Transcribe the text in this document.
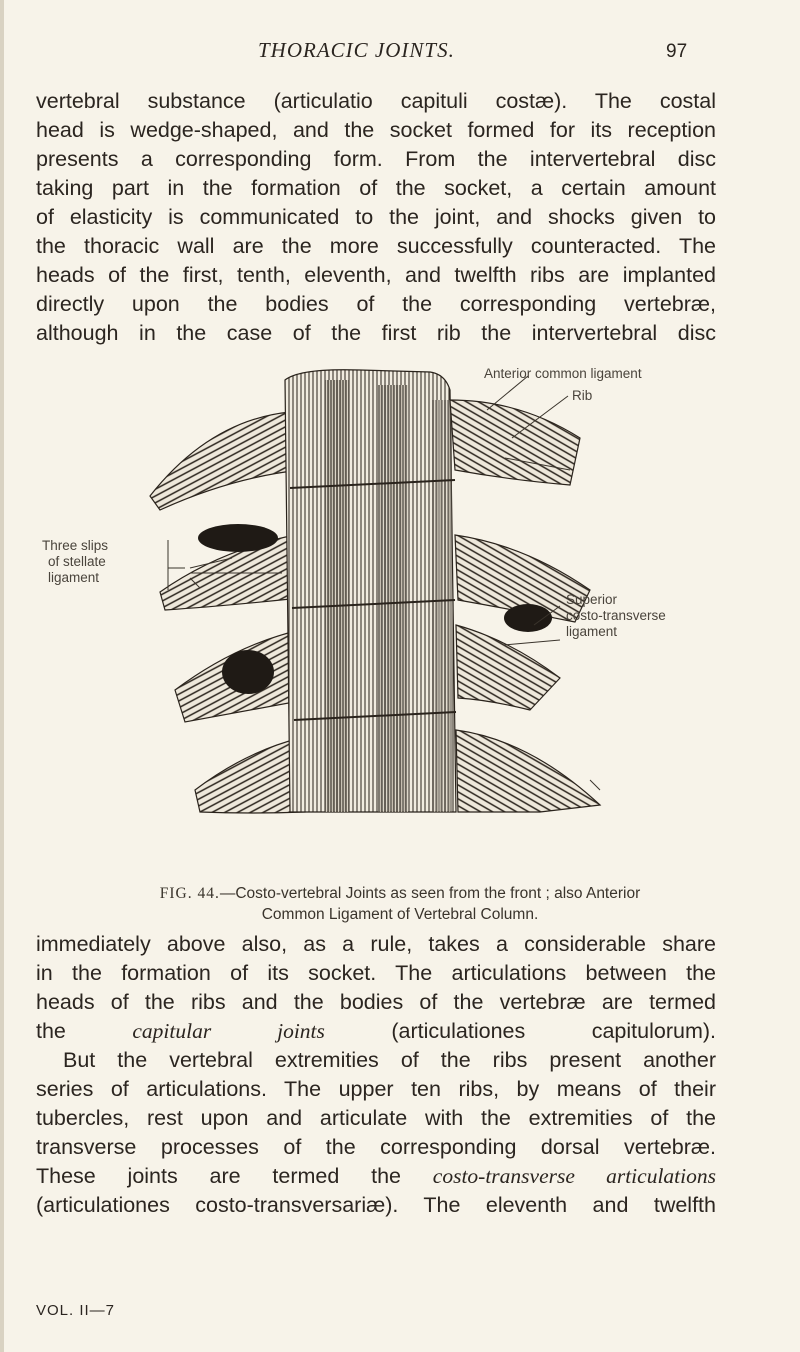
THORACIC JOINTS.	97
vertebral substance (articulatio capituli costæ). The costal
head is wedge-shaped, and the socket formed for its reception
presents a corresponding form. From the intervertebral disc
taking part in the formation of the socket, a certain amount
of elasticity is communicated to the joint, and shocks given to
the thoracic wall are the more successfully counteracted. The
heads of the first, tenth, eleventh, and twelfth ribs are implanted
directly upon the bodies of the corresponding vertebræ,
although in the case of the first rib the intervertebral disc
Anterior common ligament
Rib
Three slips
of stellate
ligament
Superior
costo-transverse
ligament
FIG. 44.—Costo-vertebral Joints as seen from the front ; also Anterior
Common Ligament of Vertebral Column.
immediately above also, as a rule, takes a considerable share
in the formation of its socket. The articulations between the
heads of the ribs and the bodies of the vertebræ are termed
the capitular joints (articulationes capitulorum).
But the vertebral extremities of the ribs present another
series of articulations. The upper ten ribs, by means of their
tubercles, rest upon and articulate with the extremities of the
transverse processes of the corresponding dorsal vertebræ.
These joints are termed the costo-transverse articulations
(articulationes costo-transversariæ). The eleventh and twelfth
VOL. II—7
